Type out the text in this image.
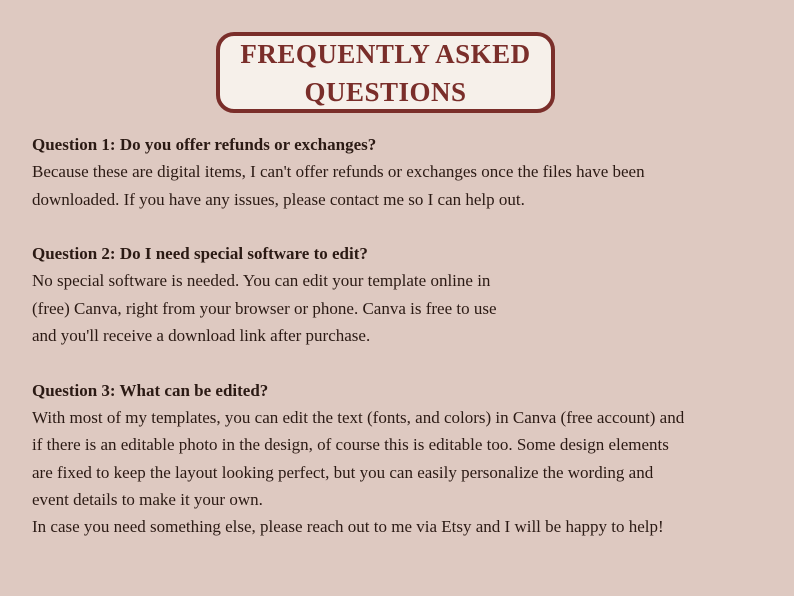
FREQUENTLY ASKED
QUESTIONS
Question 1: Do you offer refunds or exchanges?
Because these are digital items, I can't offer refunds or exchanges once the files have been
downloaded. If you have any issues, please contact me so I can help out.
Question 2: Do I need special software to edit?
No special software is needed. You can edit your template online in
(free) Canva, right from your browser or phone. Canva is free to use
and you'll receive a download link after purchase.
Question 3: What can be edited?
With most of my templates, you can edit the text (fonts, and colors) in Canva (free account) and
if there is an editable photo in the design, of course this is editable too. Some design elements
are fixed to keep the layout looking perfect, but you can easily personalize the wording and
event details to make it your own.
In case you need something else, please reach out to me via Etsy and I will be happy to help!
